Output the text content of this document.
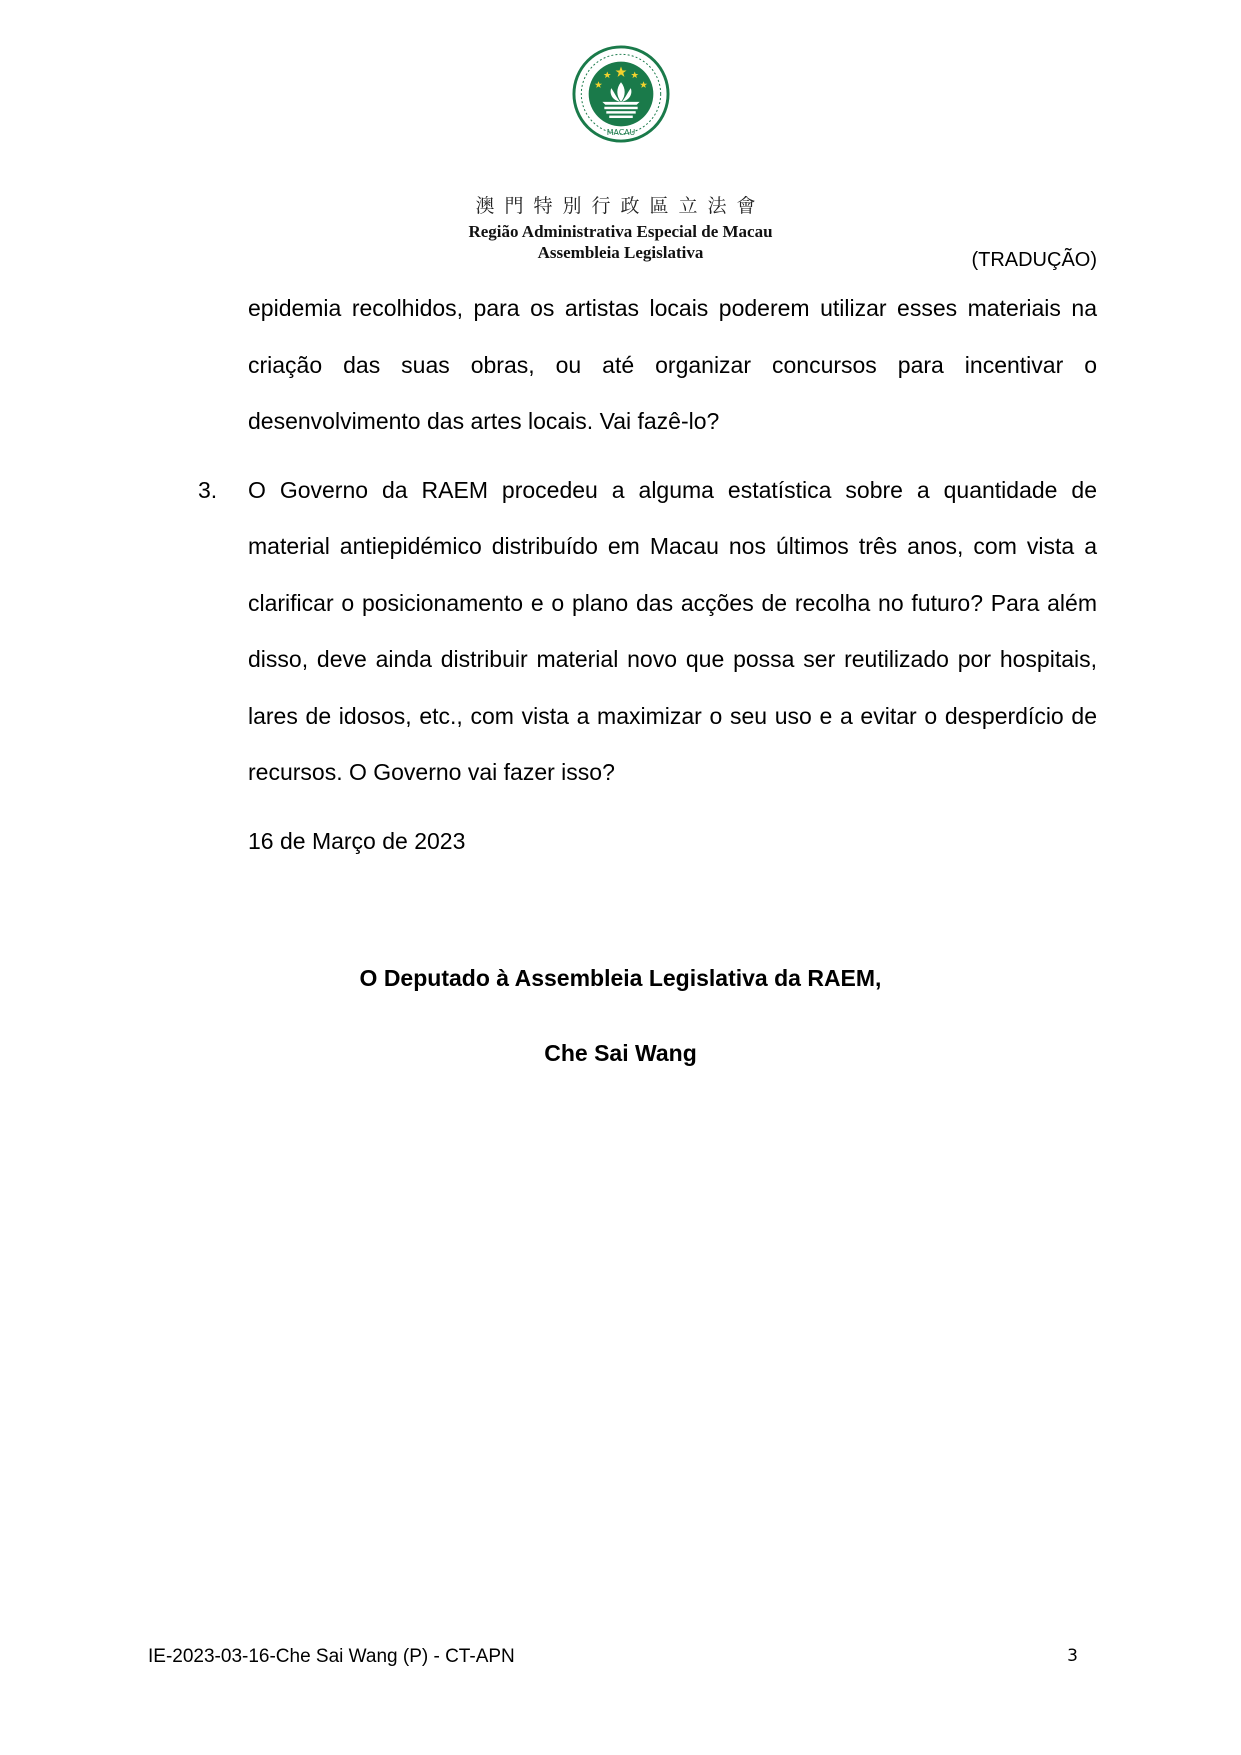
MACAU
澳門特別行政區立法會
Região Administrativa Especial de Macau
Assembleia Legislativa	(TRADUÇÃO)

epidemia recolhidos, para os artistas locais poderem utilizar esses materiais na criação das suas obras, ou até organizar concursos para incentivar o desenvolvimento das artes locais. Vai fazê-lo?

3. O Governo da RAEM procedeu a alguma estatística sobre a quantidade de material antiepidémico distribuído em Macau nos últimos três anos, com vista a clarificar o posicionamento e o plano das acções de recolha no futuro? Para além disso, deve ainda distribuir material novo que possa ser reutilizado por hospitais, lares de idosos, etc., com vista a maximizar o seu uso e a evitar o desperdício de recursos. O Governo vai fazer isso?

16 de Março de 2023

O Deputado à Assembleia Legislativa da RAEM,
Che Sai Wang
IE-2023-03-16-Che Sai Wang (P) - CT-APN	3
